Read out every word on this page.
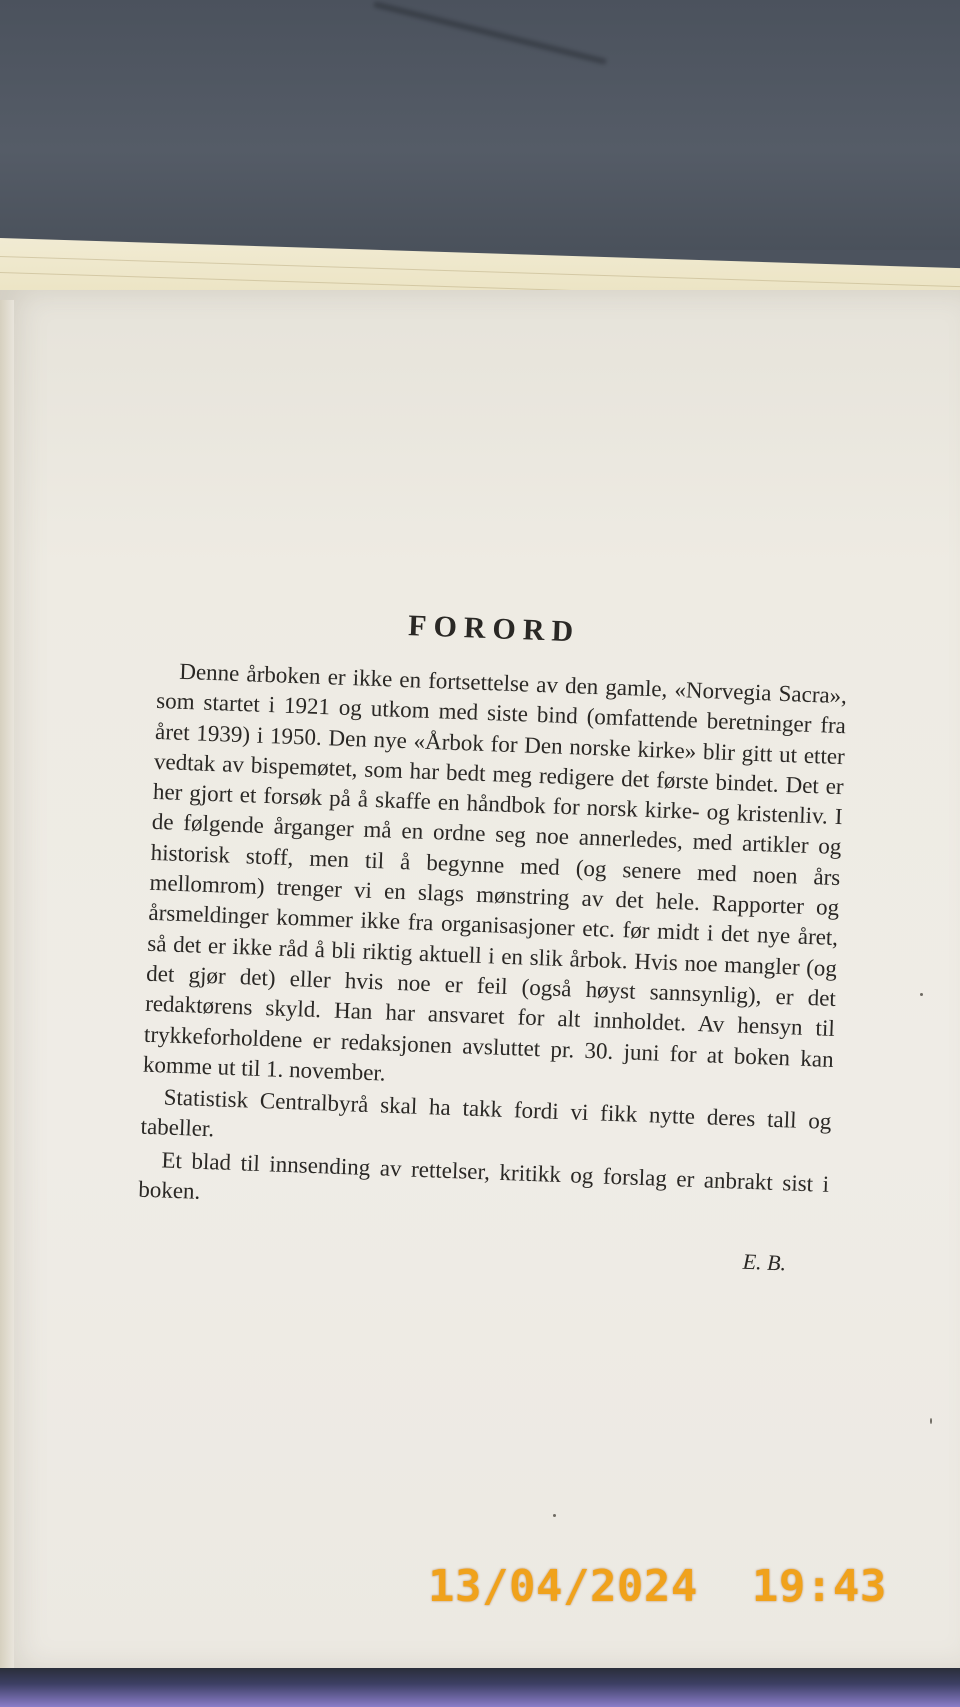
FORORD

Denne årboken er ikke en fortsettelse av den gamle, «Norvegia Sacra», som startet i 1921 og utkom med siste bind (omfattende beretninger fra året 1939) i 1950. Den nye «Årbok for Den norske kirke» blir gitt ut etter vedtak av bispemøtet, som har bedt meg redigere det første bindet. Det er her gjort et forsøk på å skaffe en håndbok for norsk kirke- og kristenliv. I de følgende årganger må en ordne seg noe annerledes, med artikler og historisk stoff, men til å begynne med (og senere med noen års mellomrom) trenger vi en slags mønstring av det hele. Rapporter og årsmeldinger kommer ikke fra organisasjoner etc. før midt i det nye året, så det er ikke råd å bli riktig aktuell i en slik årbok. Hvis noe mangler (og det gjør det) eller hvis noe er feil (også høyst sannsynlig), er det redaktørens skyld. Han har ansvaret for alt innholdet. Av hensyn til trykkeforholdene er redaksjonen avsluttet pr. 30. juni for at boken kan komme ut til 1. november.

Statistisk Centralbyrå skal ha takk fordi vi fikk nytte deres tall og tabeller.

Et blad til innsending av rettelser, kritikk og forslag er anbrakt sist i boken.

E. B.
13/04/2024 19:43
